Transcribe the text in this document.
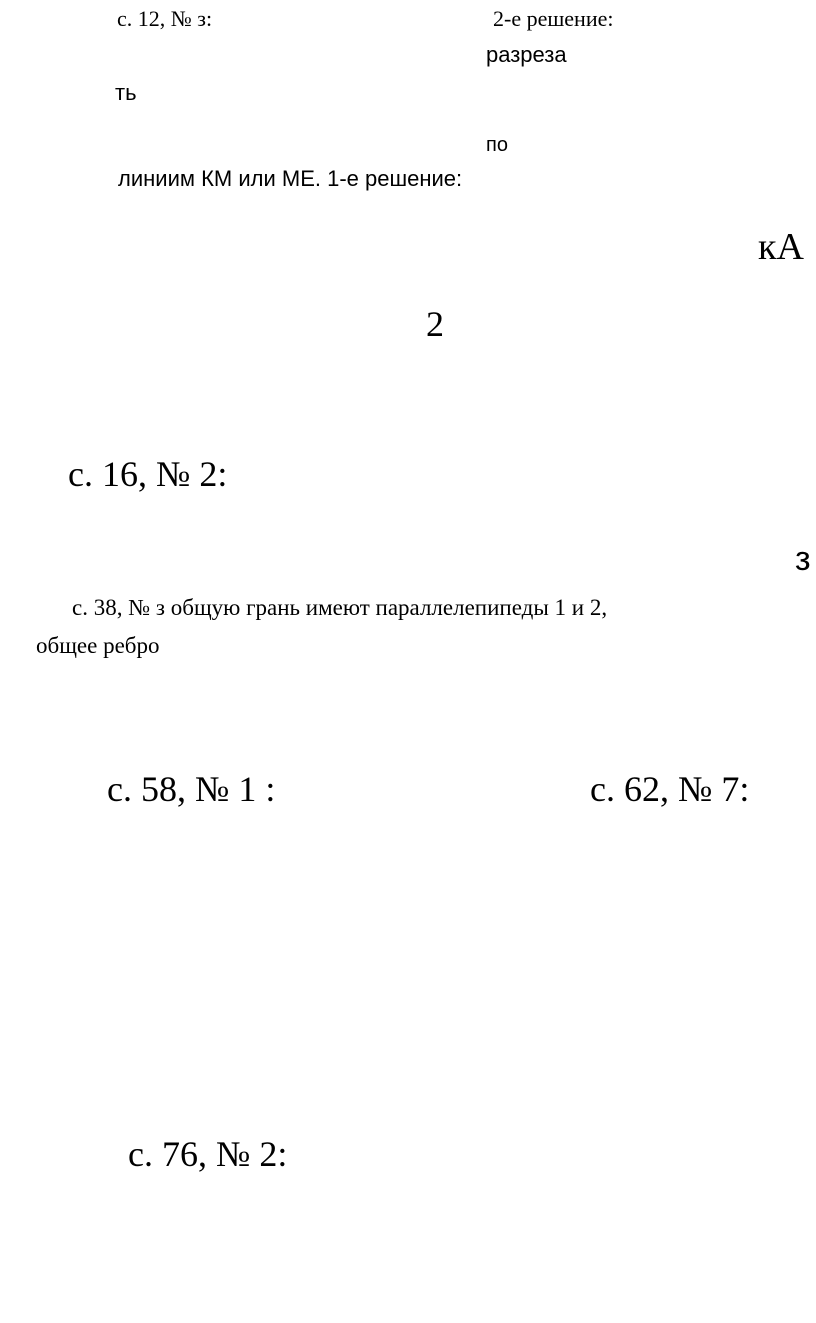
с. 12, № з:	2-е решение:
разреза
ть
по
линиим КМ или МЕ. 1-е решение:
кА
2
с. 16, № 2:
з
с. 38, № з общую грань имеют параллелепипеды 1 и 2,
общее ребро
с. 58, № 1 :	с. 62, № 7:
с. 76, № 2:
